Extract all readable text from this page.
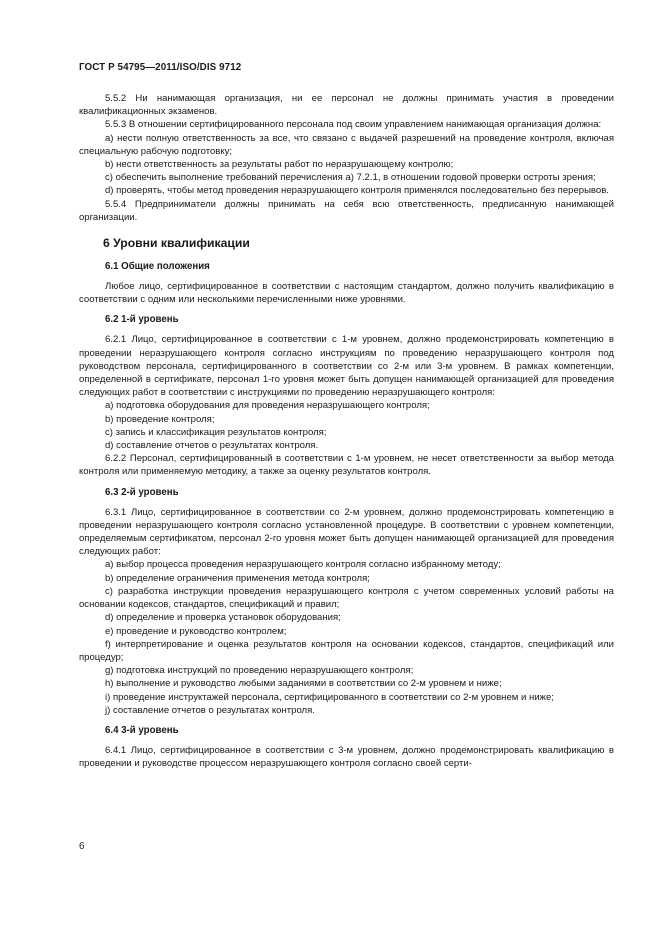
ГОСТ Р 54795—2011/ISO/DIS 9712

5.5.2 Ни нанимающая организация, ни ее персонал не должны принимать участия в проведении квалификационных экзаменов.

5.5.3 В отношении сертифицированного персонала под своим управлением нанимающая организация должна:

a) нести полную ответственность за все, что связано с выдачей разрешений на проведение контроля, включая специальную рабочую подготовку;

b) нести ответственность за результаты работ по неразрушающему контролю;

c) обеспечить выполнение требований перечисления а) 7.2.1, в отношении годовой проверки остроты зрения;

d) проверять, чтобы метод проведения неразрушающего контроля применялся последовательно без перерывов.

5.5.4 Предприниматели должны принимать на себя всю ответственность, предписанную нанимающей организации.

6 Уровни квалификации
6.1 Общие положения

Любое лицо, сертифицированное в соответствии с настоящим стандартом, должно получить квалификацию в соответствии с одним или несколькими перечисленными ниже уровнями.

6.2 1-й уровень

6.2.1 Лицо, сертифицированное в соответствии с 1-м уровнем, должно продемонстрировать компетенцию в проведении неразрушающего контроля согласно инструкциям по проведению неразрушающего контроля под руководством персонала, сертифицированного в соответствии со 2-м или 3-м уровнем. В рамках компетенции, определенной в сертификате, персонал 1-го уровня может быть допущен нанимающей организацией для проведения следующих работ в соответствии с инструкциями по проведению неразрушающего контроля:

a) подготовка оборудования для проведения неразрушающего контроля;

b) проведение контроля;

c) запись и классификация результатов контроля;

d) составление отчетов о результатах контроля.

6.2.2 Персонал, сертифицированный в соответствии с 1-м уровнем, не несет ответственности за выбор метода контроля или применяемую методику, а также за оценку результатов контроля.

6.3 2-й уровень

6.3.1 Лицо, сертифицированное в соответствии со 2-м уровнем, должно продемонстрировать компетенцию в проведении неразрушающего контроля согласно установленной процедуре. В соответствии с уровнем компетенции, определяемым сертификатом, персонал 2-го уровня может быть допущен нанимающей организацией для проведения следующих работ:

a) выбор процесса проведения неразрушающего контроля согласно избранному методу;

b) определение ограничения применения метода контроля;

c) разработка инструкции проведения неразрушающего контроля с учетом современных условий работы на основании кодексов, стандартов, спецификаций и правил;

d) определение и проверка установок оборудования;

e) проведение и руководство контролем;

f) интерпретирование и оценка результатов контроля на основании кодексов, стандартов, спецификаций или процедур;

g) подготовка инструкций по проведению неразрушающего контроля;

h) выполнение и руководство любыми заданиями в соответствии со 2-м уровнем и ниже;

i) проведение инструктажей персонала, сертифицированного в соответствии со 2-м уровнем и ниже;

j) составление отчетов о результатах контроля.

6.4 3-й уровень

6.4.1 Лицо, сертифицированное в соответствии с 3-м уровнем, должно продемонстрировать квалификацию в проведении и руководстве процессом неразрушающего контроля согласно своей серти-

6
